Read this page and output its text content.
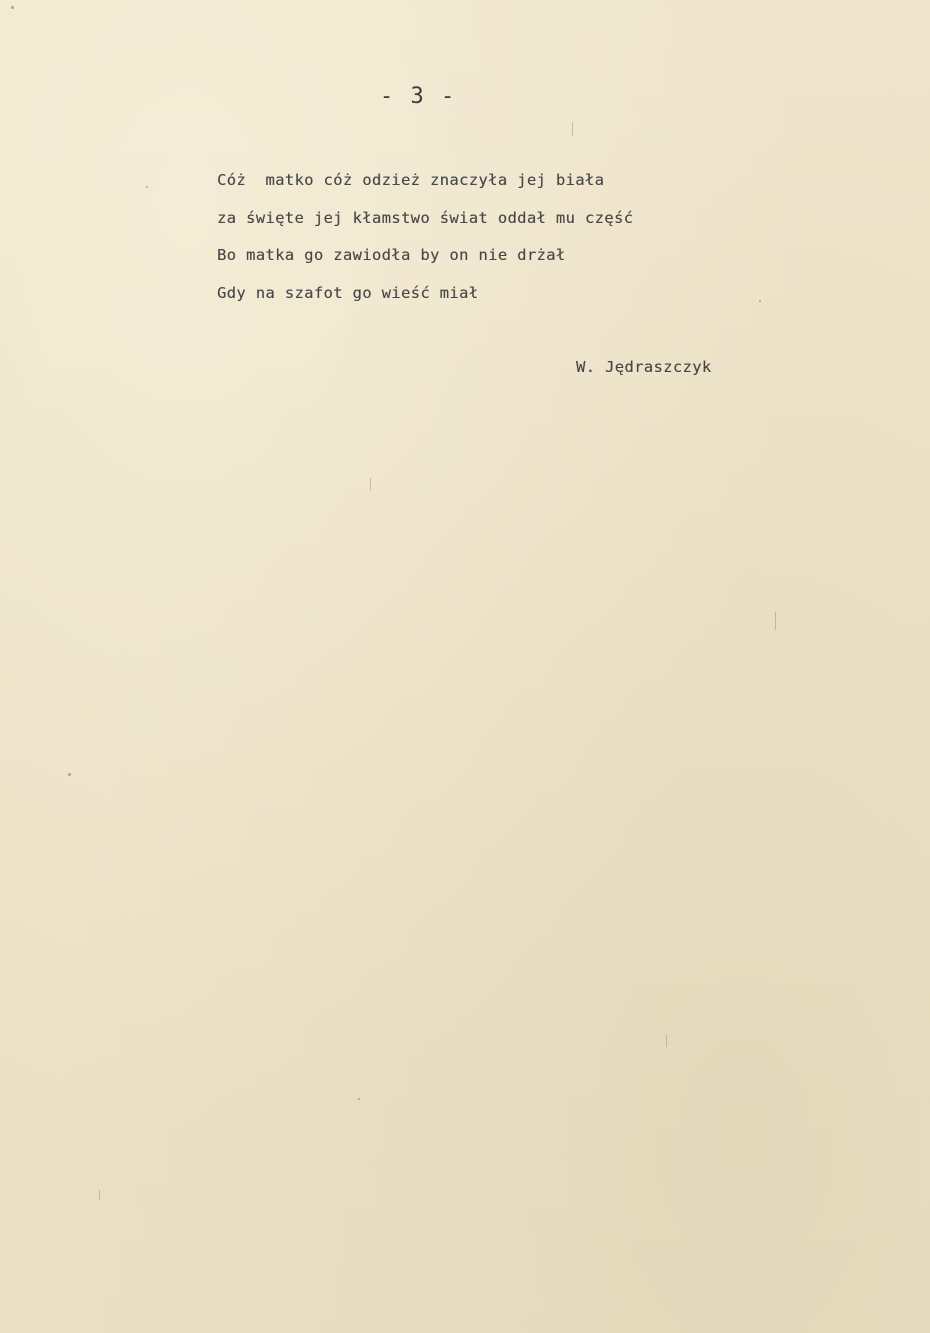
- 3 -
Cóż  matko cóż odzież znaczyła jej biała
za święte jej kłamstwo świat oddał mu część
Bo matka go zawiodła by on nie drżał
Gdy na szafot go wieść miał
W. Jędraszczyk
